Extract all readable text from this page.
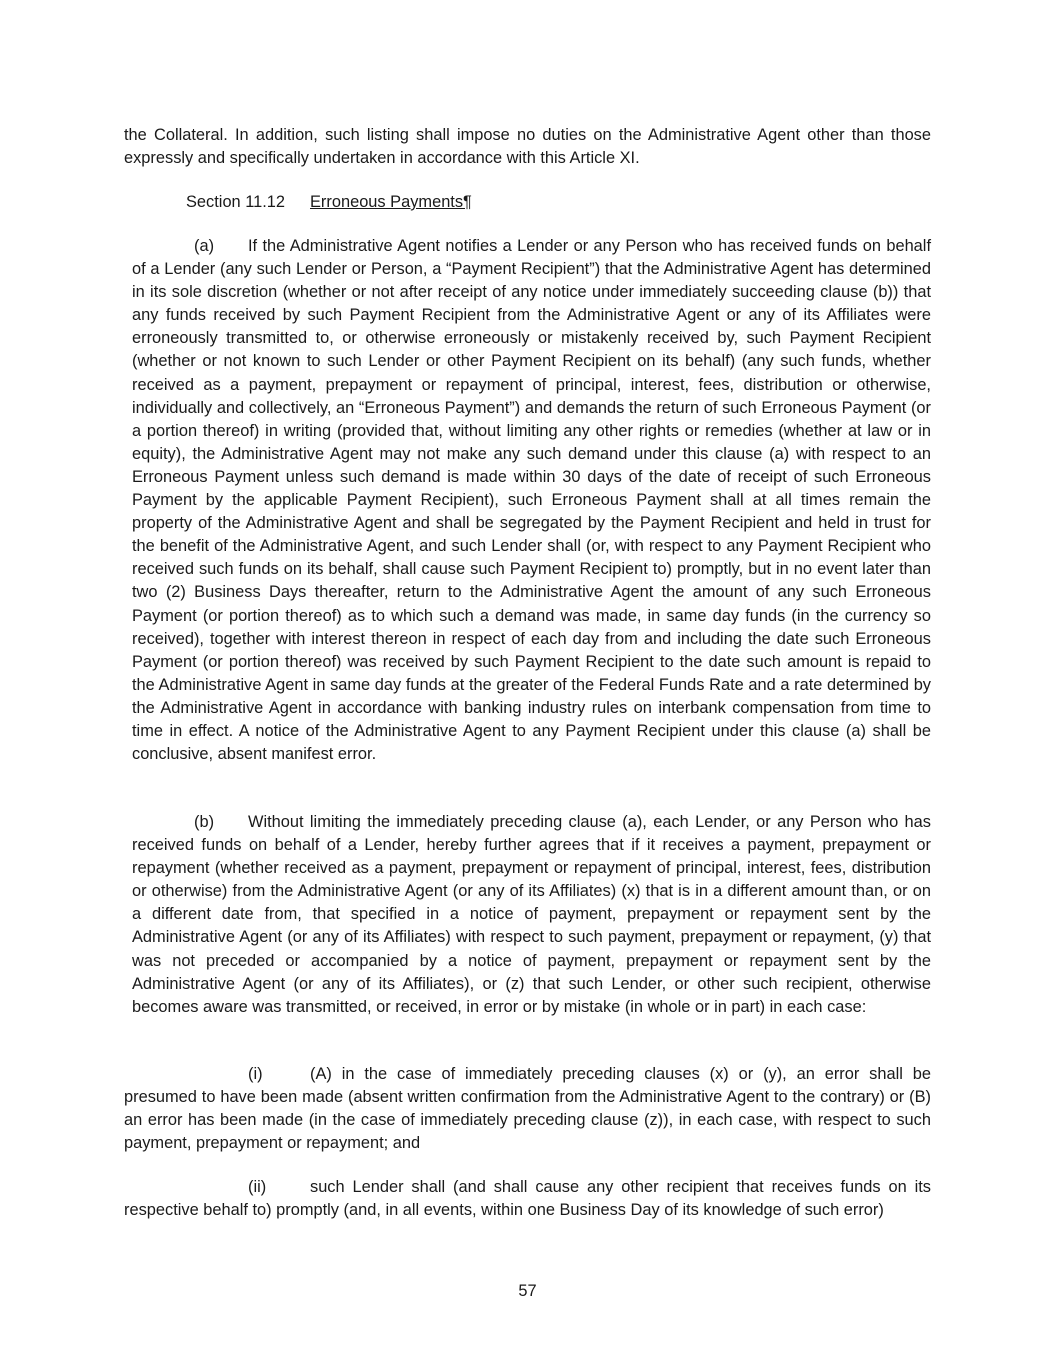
the Collateral. In addition, such listing shall impose no duties on the Administrative Agent other than those expressly and specifically undertaken in accordance with this Article XI.

Section 11.12 Erroneous Payments¶

(a) If the Administrative Agent notifies a Lender or any Person who has received funds on behalf of a Lender (any such Lender or Person, a “Payment Recipient”) that the Administrative Agent has determined in its sole discretion (whether or not after receipt of any notice under immediately succeeding clause (b)) that any funds received by such Payment Recipient from the Administrative Agent or any of its Affiliates were erroneously transmitted to, or otherwise erroneously or mistakenly received by, such Payment Recipient (whether or not known to such Lender or other Payment Recipient on its behalf) (any such funds, whether received as a payment, prepayment or repayment of principal, interest, fees, distribution or otherwise, individually and collectively, an “Erroneous Payment”) and demands the return of such Erroneous Payment (or a portion thereof) in writing (provided that, without limiting any other rights or remedies (whether at law or in equity), the Administrative Agent may not make any such demand under this clause (a) with respect to an Erroneous Payment unless such demand is made within 30 days of the date of receipt of such Erroneous Payment by the applicable Payment Recipient), such Erroneous Payment shall at all times remain the property of the Administrative Agent and shall be segregated by the Payment Recipient and held in trust for the benefit of the Administrative Agent, and such Lender shall (or, with respect to any Payment Recipient who received such funds on its behalf, shall cause such Payment Recipient to) promptly, but in no event later than two (2) Business Days thereafter, return to the Administrative Agent the amount of any such Erroneous Payment (or portion thereof) as to which such a demand was made, in same day funds (in the currency so received), together with interest thereon in respect of each day from and including the date such Erroneous Payment (or portion thereof) was received by such Payment Recipient to the date such amount is repaid to the Administrative Agent in same day funds at the greater of the Federal Funds Rate and a rate determined by the Administrative Agent in accordance with banking industry rules on interbank compensation from time to time in effect. A notice of the Administrative Agent to any Payment Recipient under this clause (a) shall be conclusive, absent manifest error.

(b) Without limiting the immediately preceding clause (a), each Lender, or any Person who has received funds on behalf of a Lender, hereby further agrees that if it receives a payment, prepayment or repayment (whether received as a payment, prepayment or repayment of principal, interest, fees, distribution or otherwise) from the Administrative Agent (or any of its Affiliates) (x) that is in a different amount than, or on a different date from, that specified in a notice of payment, prepayment or repayment sent by the Administrative Agent (or any of its Affiliates) with respect to such payment, prepayment or repayment, (y) that was not preceded or accompanied by a notice of payment, prepayment or repayment sent by the Administrative Agent (or any of its Affiliates), or (z) that such Lender, or other such recipient, otherwise becomes aware was transmitted, or received, in error or by mistake (in whole or in part) in each case:

(i)	(A) in the case of immediately preceding clauses (x) or (y), an error shall be presumed to have been made (absent written confirmation from the Administrative Agent to the contrary) or (B) an error has been made (in the case of immediately preceding clause (z)), in each case, with respect to such payment, prepayment or repayment; and

(ii)	such Lender shall (and shall cause any other recipient that receives funds on its respective behalf to) promptly (and, in all events, within one Business Day of its knowledge of such error)

57
